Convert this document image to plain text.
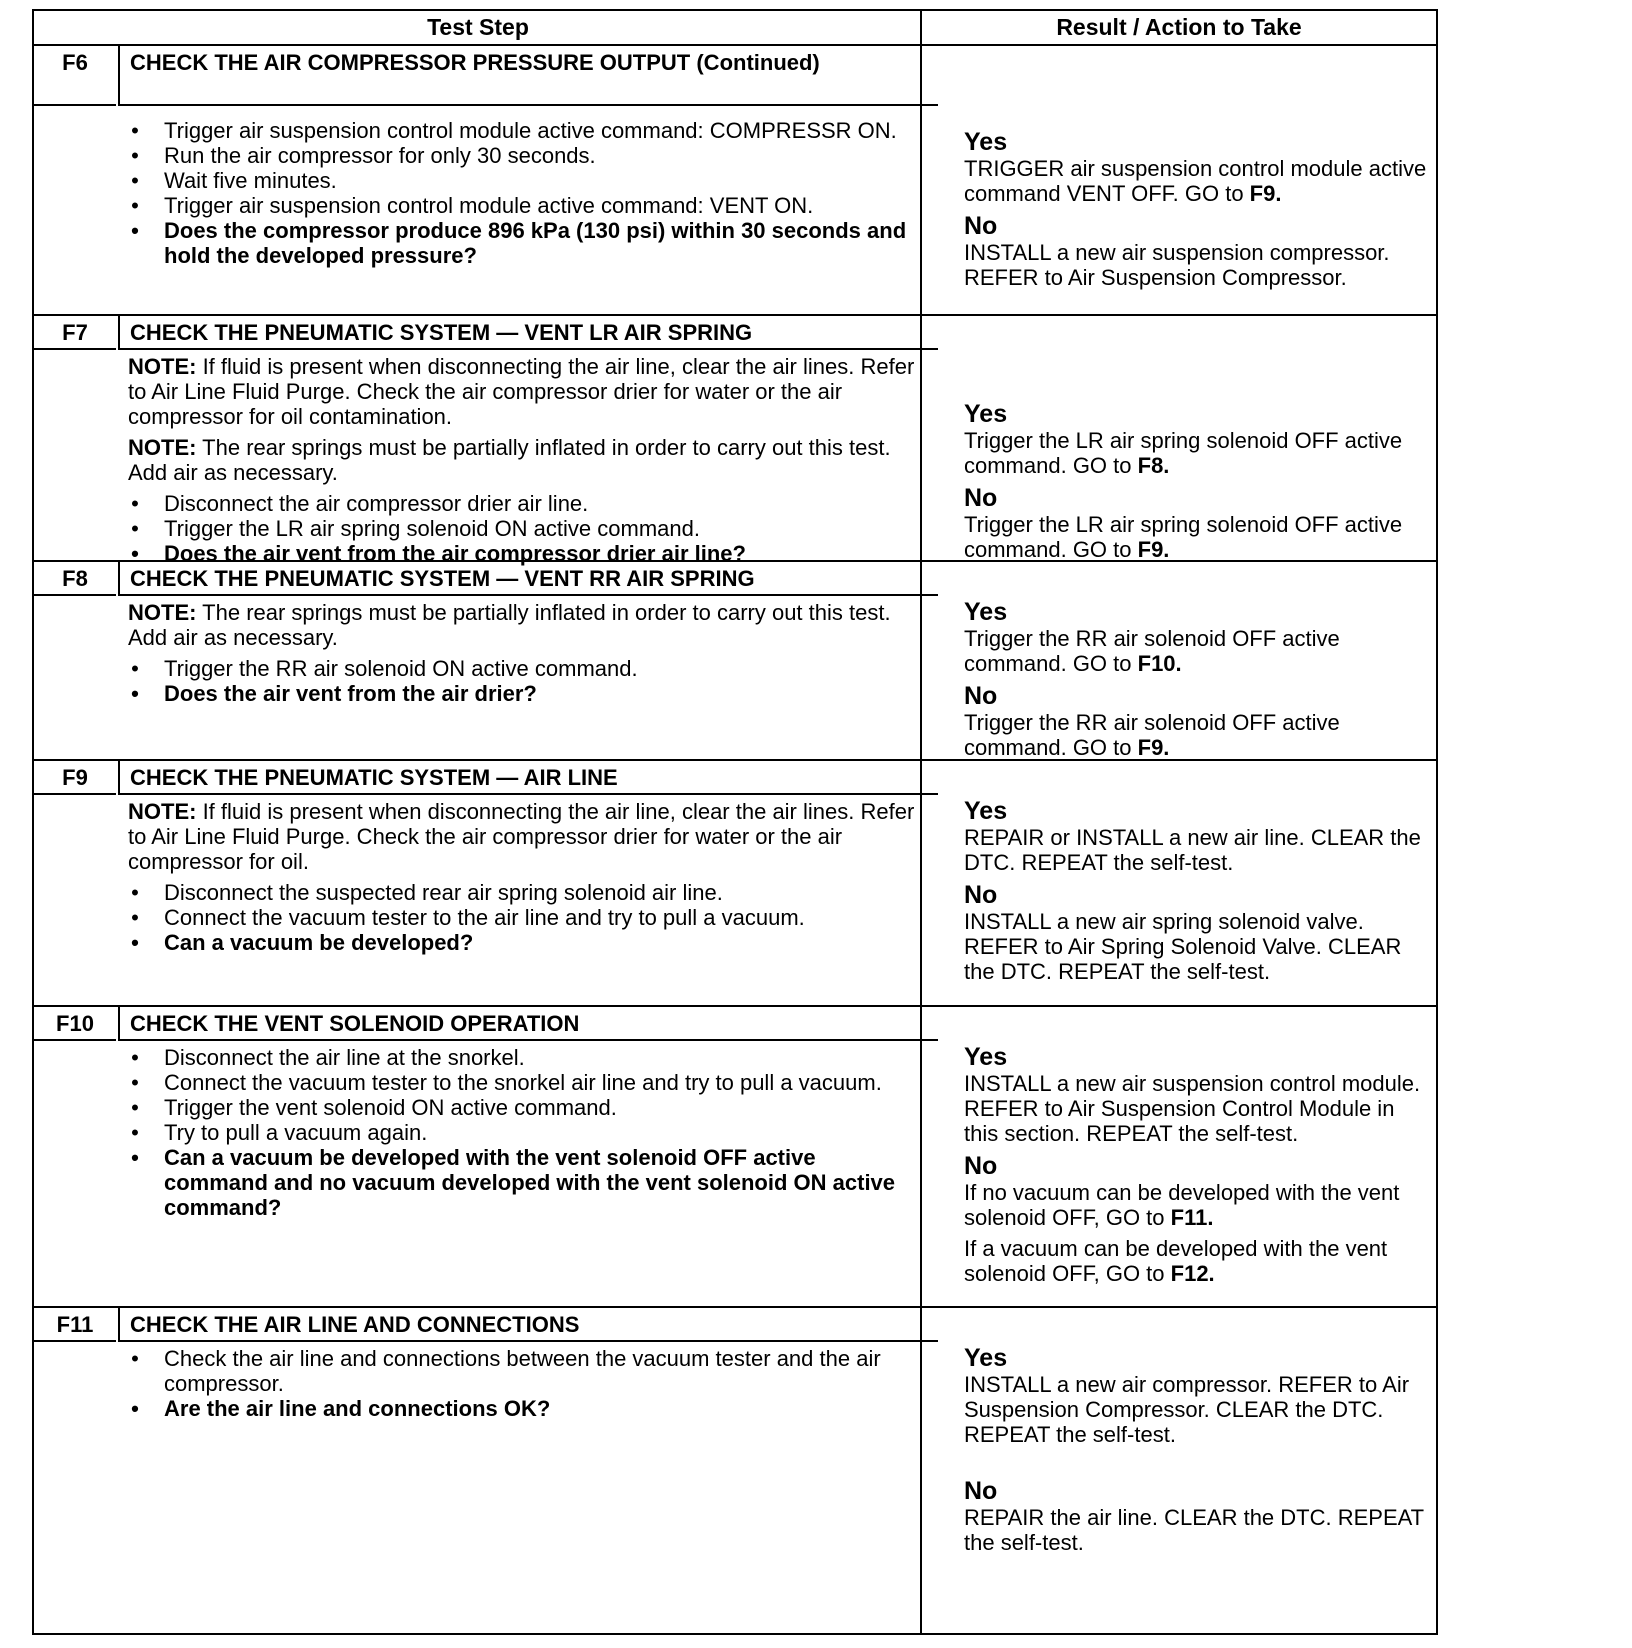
Test Step	Result / Action to Take
F6	CHECK THE AIR COMPRESSOR PRESSURE OUTPUT (Continued)
• Trigger air suspension control module active command: COMPRESSR ON.
• Run the air compressor for only 30 seconds.
• Wait five minutes.
• Trigger air suspension control module active command: VENT ON.
• Does the compressor produce 896 kPa (130 psi) within 30 seconds and hold the developed pressure?
Yes
TRIGGER air suspension control module active command VENT OFF. GO to F9.
No
INSTALL a new air suspension compressor. REFER to Air Suspension Compressor.
F7	CHECK THE PNEUMATIC SYSTEM — VENT LR AIR SPRING
NOTE: If fluid is present when disconnecting the air line, clear the air lines. Refer to Air Line Fluid Purge. Check the air compressor drier for water or the air compressor for oil contamination.
NOTE: The rear springs must be partially inflated in order to carry out this test. Add air as necessary.
• Disconnect the air compressor drier air line.
• Trigger the LR air spring solenoid ON active command.
• Does the air vent from the air compressor drier air line?
Yes
Trigger the LR air spring solenoid OFF active command. GO to F8.
No
Trigger the LR air spring solenoid OFF active command. GO to F9.
F8	CHECK THE PNEUMATIC SYSTEM — VENT RR AIR SPRING
NOTE: The rear springs must be partially inflated in order to carry out this test. Add air as necessary.
• Trigger the RR air solenoid ON active command.
• Does the air vent from the air drier?
Yes
Trigger the RR air solenoid OFF active command. GO to F10.
No
Trigger the RR air solenoid OFF active command. GO to F9.
F9	CHECK THE PNEUMATIC SYSTEM — AIR LINE
NOTE: If fluid is present when disconnecting the air line, clear the air lines. Refer to Air Line Fluid Purge. Check the air compressor drier for water or the air compressor for oil.
• Disconnect the suspected rear air spring solenoid air line.
• Connect the vacuum tester to the air line and try to pull a vacuum.
• Can a vacuum be developed?
Yes
REPAIR or INSTALL a new air line. CLEAR the DTC. REPEAT the self-test.
No
INSTALL a new air spring solenoid valve. REFER to Air Spring Solenoid Valve. CLEAR the DTC. REPEAT the self-test.
F10	CHECK THE VENT SOLENOID OPERATION
• Disconnect the air line at the snorkel.
• Connect the vacuum tester to the snorkel air line and try to pull a vacuum.
• Trigger the vent solenoid ON active command.
• Try to pull a vacuum again.
• Can a vacuum be developed with the vent solenoid OFF active command and no vacuum developed with the vent solenoid ON active command?
Yes
INSTALL a new air suspension control module. REFER to Air Suspension Control Module in this section. REPEAT the self-test.
No
If no vacuum can be developed with the vent solenoid OFF, GO to F11.
If a vacuum can be developed with the vent solenoid OFF, GO to F12.
F11	CHECK THE AIR LINE AND CONNECTIONS
• Check the air line and connections between the vacuum tester and the air compressor.
• Are the air line and connections OK?
Yes
INSTALL a new air compressor. REFER to Air Suspension Compressor. CLEAR the DTC. REPEAT the self-test.
No
REPAIR the air line. CLEAR the DTC. REPEAT the self-test.
